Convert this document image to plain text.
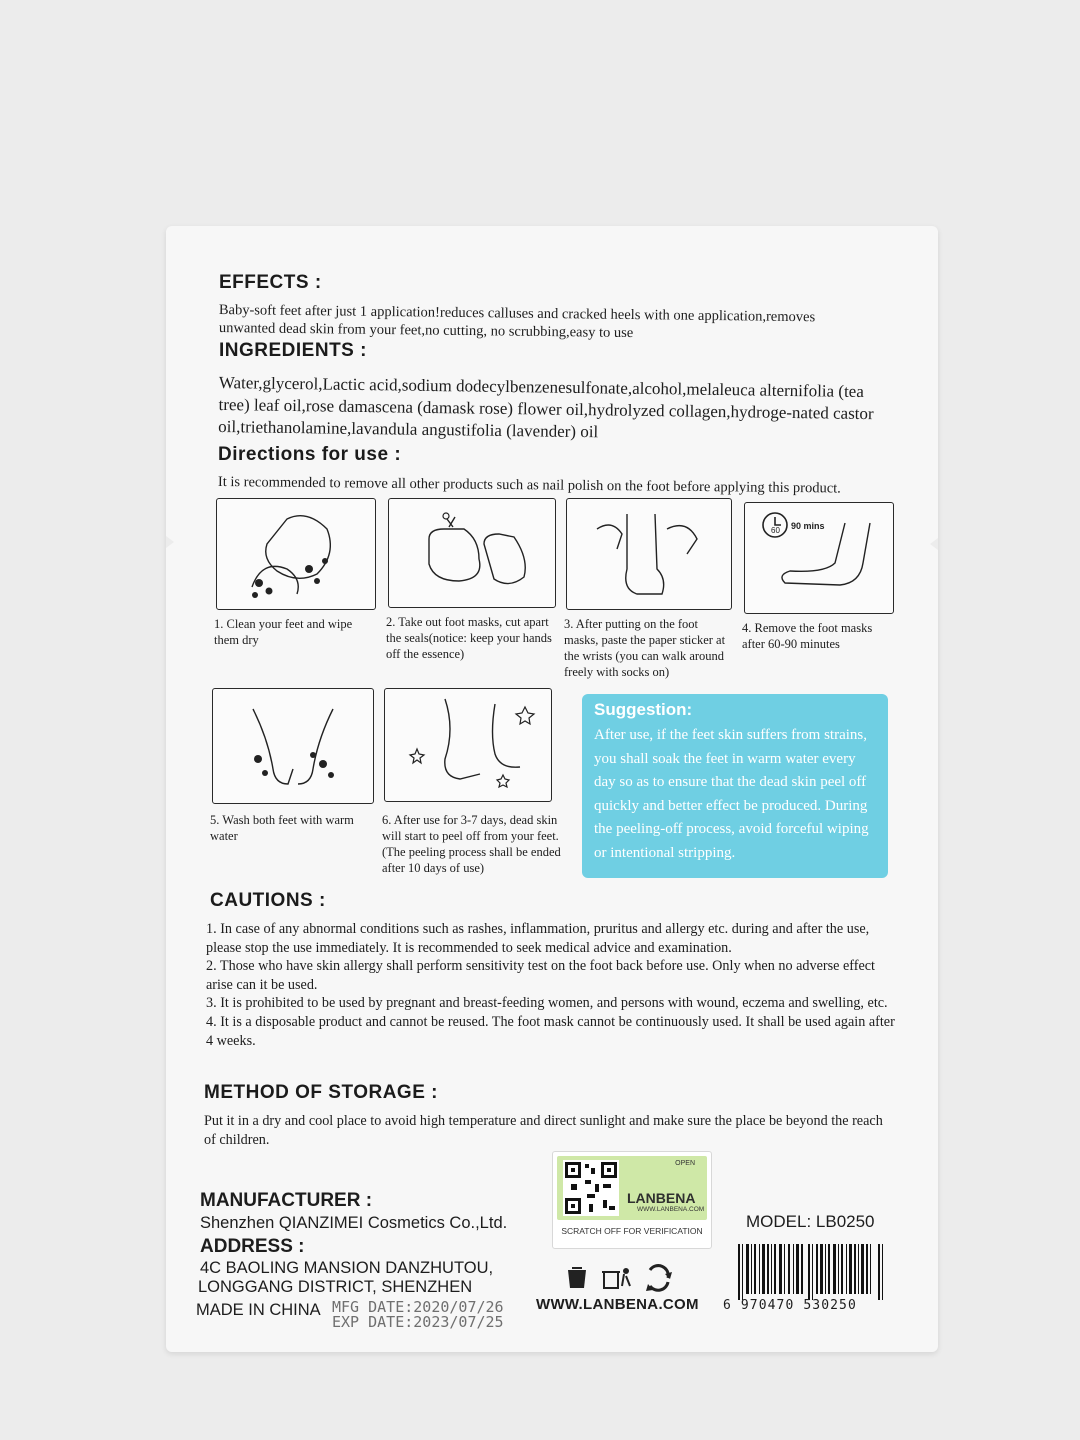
EFFECTS :
Baby-soft feet after just 1 application!reduces calluses and cracked heels with one application,removes
unwanted dead skin from your feet,no cutting, no scrubbing,easy to use
INGREDIENTS :
Water,glycerol,Lactic acid,sodium dodecylbenzenesulfonate,alcohol,melaleuca alternifolia (tea tree) leaf oil,rose damascena (damask rose) flower oil,hydrolyzed collagen,hydroge-nated castor oil,triethanolamine,lavandula angustifolia (lavender) oil
Directions for use :
It is recommended to remove all other products such as nail polish on the foot before applying this product.
60 90 mins
1. Clean your feet and wipe them dry
2. Take out foot masks, cut apart the seals(notice: keep your hands off the essence)
3. After putting on the foot masks, paste the paper sticker at the wrists (you can walk around freely with socks on)
4. Remove the foot masks after 60-90 minutes
5. Wash both feet with warm water
6. After use for 3-7 days, dead skin will start to peel off from your feet. (The peeling process shall be ended after 10 days of use)
Suggestion:
After use, if the feet skin suffers from strains, you shall soak the feet in warm water every day so as to ensure that the dead skin peel off quickly and better effect be produced. During the peeling-off process, avoid forceful wiping or intentional stripping.
CAUTIONS :
1. In case of any abnormal conditions such as rashes, inflammation, pruritus and allergy etc. during and after the use, please stop the use immediately. It is recommended to seek medical advice and examination.
2. Those who have skin allergy shall perform sensitivity test on the foot back before use. Only when no adverse effect arise can it be used.
3. It is prohibited to be used by pregnant and breast-feeding women, and persons with wound, eczema and swelling, etc.
4. It is a disposable product and cannot be reused. The foot mask cannot be continuously used. It shall be used again after 4 weeks.
METHOD OF STORAGE :
Put it in a dry and cool place to avoid high temperature and direct sunlight and make sure the place be beyond the reach of children.
MANUFACTURER :
Shenzhen QIANZIMEI Cosmetics Co.,Ltd.
ADDRESS :
4C BAOLING MANSION DANZHUTOU,
LONGGANG DISTRICT, SHENZHEN
MADE IN CHINA MFG DATE:2020/07/26
EXP DATE:2023/07/25
OPEN
LANBENA
WWW.LANBENA.COM
SCRATCH OFF FOR VERIFICATION
WWW.LANBENA.COM
MODEL: LB0250
6 970470 530250
